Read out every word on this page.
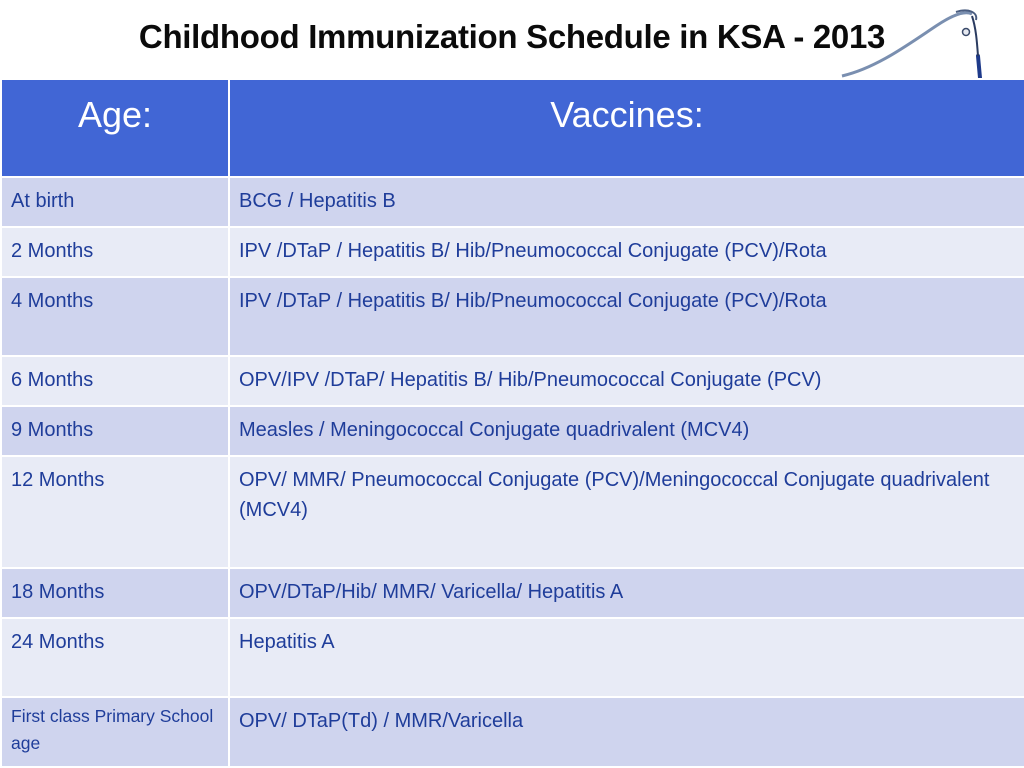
Childhood Immunization Schedule in KSA - 2013
Age:	Vaccines:
At birth	BCG / Hepatitis B
2 Months	IPV /DTaP / Hepatitis B/ Hib/Pneumococcal Conjugate (PCV)/Rota
4 Months	IPV /DTaP / Hepatitis B/ Hib/Pneumococcal Conjugate (PCV)/Rota
6 Months	OPV/IPV /DTaP/ Hepatitis B/ Hib/Pneumococcal Conjugate (PCV)
9 Months	Measles / Meningococcal Conjugate quadrivalent (MCV4)
12 Months	OPV/ MMR/ Pneumococcal Conjugate (PCV)/Meningococcal Conjugate quadrivalent (MCV4)
18 Months	OPV/DTaP/Hib/ MMR/ Varicella/ Hepatitis A
24 Months	Hepatitis A
First class Primary School age	OPV/ DTaP(Td) / MMR/Varicella
